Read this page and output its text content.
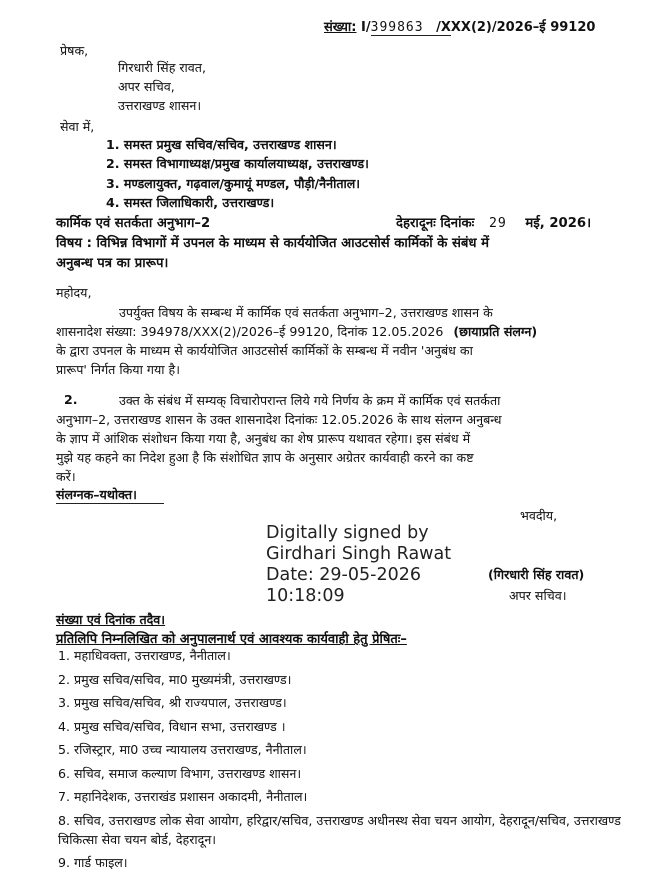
संख्या: I/399863 /XXX(2)/2026–ई 99120
प्रेषक,
गिरधारी सिंह रावत,
अपर सचिव,
उत्तराखण्ड शासन।
सेवा में,
1. समस्त प्रमुख सचिव/सचिव, उत्तराखण्ड शासन।
2. समस्त विभागाध्यक्ष/प्रमुख कार्यालयाध्यक्ष, उत्तराखण्ड।
3. मण्डलायुक्त, गढ़वाल/कुमायूं मण्डल, पौड़ी/नैनीताल।
4. समस्त जिलाधिकारी, उत्तराखण्ड।
कार्मिक एवं सतर्कता अनुभाग–2	देहरादूनः दिनांकः 29 मई, 2026।
विषय : विभिन्न विभागों में उपनल के माध्यम से कार्ययोजित आउटसोर्स कार्मिकों के संबंध में
अनुबन्ध पत्र का प्रारूप।
महोदय,
उपर्युक्त विषय के सम्बन्ध में कार्मिक एवं सतर्कता अनुभाग–2, उत्तराखण्ड शासन के
शासनादेश संख्या: 394978/XXX(2)/2026–ई 99120, दिनांक 12.05.2026 (छायाप्रति संलग्न)
के द्वारा उपनल के माध्यम से कार्ययोजित आउटसोर्स कार्मिकों के सम्बन्ध में नवीन 'अनुबंध का
प्रारूप' निर्गत किया गया है।
2.	उक्त के संबंध में सम्यक् विचारोपरान्त लिये गये निर्णय के क्रम में कार्मिक एवं सतर्कता
अनुभाग–2, उत्तराखण्ड शासन के उक्त शासनादेश दिनांकः 12.05.2026 के साथ संलग्न अनुबन्ध
के ज्ञाप में आंशिक संशोधन किया गया है, अनुबंध का शेष प्रारूप यथावत रहेगा। इस संबंध में
मुझे यह कहने का निदेश हुआ है कि संशोधित ज्ञाप के अनुसार अग्रेतर कार्यवाही करने का कष्ट
करें।
संलग्नक–यथोक्त।
भवदीय,
Digitally signed by
Girdhari Singh Rawat
Date: 29-05-2026
10:18:09
(गिरधारी सिंह रावत)
अपर सचिव।
संख्या एवं दिनांक तदैव।
प्रतिलिपि निम्नलिखित को अनुपालनार्थ एवं आवश्यक कार्यवाही हेतु प्रेषितः–
1. महाधिवक्ता, उत्तराखण्ड, नैनीताल।
2. प्रमुख सचिव/सचिव, मा0 मुख्यमंत्री, उत्तराखण्ड।
3. प्रमुख सचिव/सचिव, श्री राज्यपाल, उत्तराखण्ड।
4. प्रमुख सचिव/सचिव, विधान सभा, उत्तराखण्ड ।
5. रजिस्ट्रार, मा0 उच्च न्यायालय उत्तराखण्ड, नैनीताल।
6. सचिव, समाज कल्याण विभाग, उत्तराखण्ड शासन।
7. महानिदेशक, उत्तराखंड प्रशासन अकादमी, नैनीताल।
8. सचिव, उत्तराखण्ड लोक सेवा आयोग, हरिद्वार/सचिव, उत्तराखण्ड अधीनस्थ सेवा चयन आयोग, देहरादून/सचिव, उत्तराखण्ड चिकित्सा सेवा चयन बोर्ड, देहरादून।
9. गार्ड फाइल।
